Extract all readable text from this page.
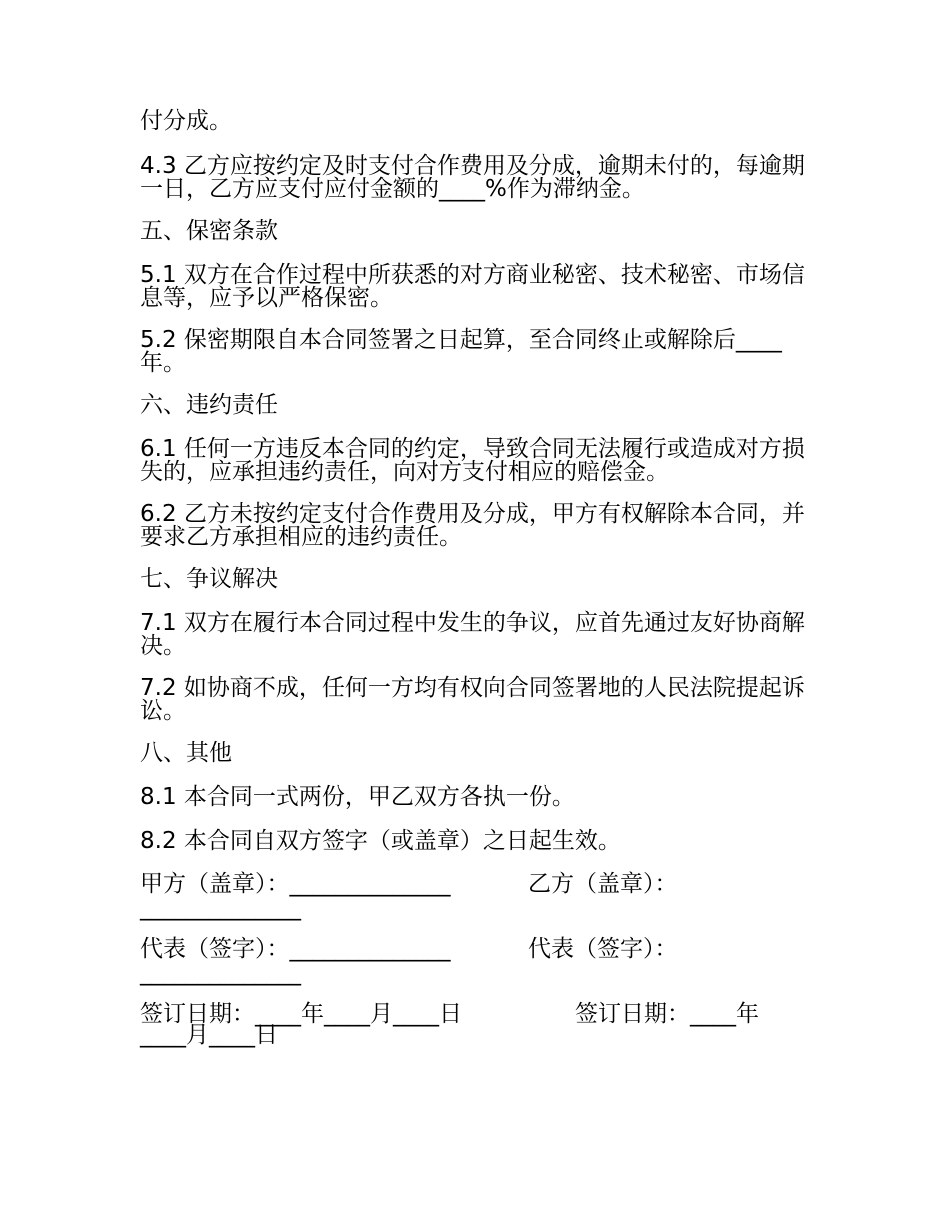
付分成。

4.3 乙方应按约定及时支付合作费用及分成，逾期未付的，每逾期一日，乙方应支付应付金额的____%作为滞纳金。

五、保密条款

5.1 双方在合作过程中所获悉的对方商业秘密、技术秘密、市场信息等，应予以严格保密。

5.2 保密期限自本合同签署之日起算，至合同终止或解除后____年。

六、违约责任

6.1 任何一方违反本合同的约定，导致合同无法履行或造成对方损失的，应承担违约责任，向对方支付相应的赔偿金。

6.2 乙方未按约定支付合作费用及分成，甲方有权解除本合同，并要求乙方承担相应的违约责任。

七、争议解决

7.1 双方在履行本合同过程中发生的争议，应首先通过友好协商解决。

7.2 如协商不成，任何一方均有权向合同签署地的人民法院提起诉讼。

八、其他

8.1 本合同一式两份，甲乙双方各执一份。

8.2 本合同自双方签字（或盖章）之日起生效。

甲方（盖章）：______________	乙方（盖章）：

______________

代表（签字）：______________	代表（签字）：

______________

签订日期：____年____月____日	签订日期：____年

____月____日
